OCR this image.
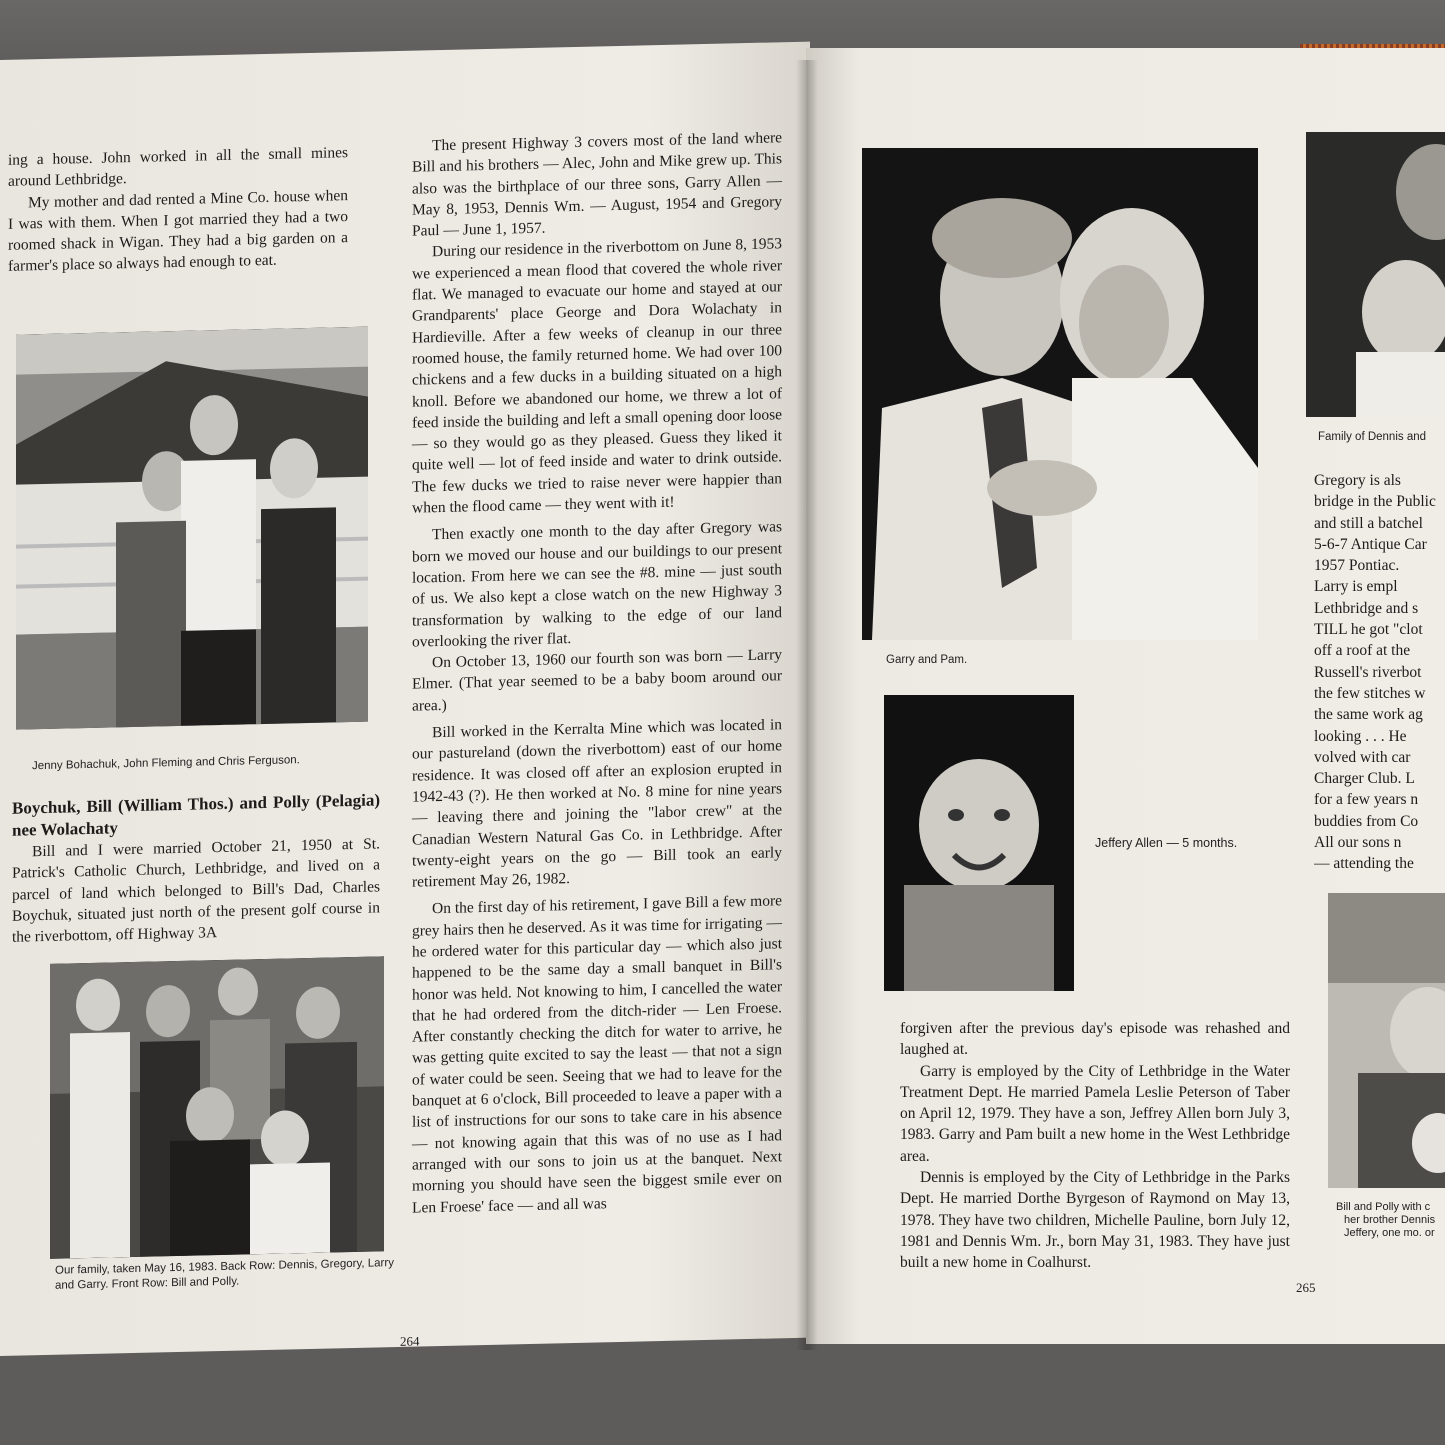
ing a house. John worked in all the small mines around Lethbridge.

My mother and dad rented a Mine Co. house when I was with them. When I got married they had a two roomed shack in Wigan. They had a big garden on a farmer's place so always had enough to eat.

Jenny Bohachuk, John Fleming and Chris Ferguson.

Boychuk, Bill (William Thos.) and Polly (Pelagia) nee Wolachaty

Bill and I were married October 21, 1950 at St. Patrick's Catholic Church, Lethbridge, and lived on a parcel of land which belonged to Bill's Dad, Charles Boychuk, situated just north of the present golf course in the riverbottom, off Highway 3A

Our family, taken May 16, 1983. Back Row: Dennis, Gregory, Larry and Garry. Front Row: Bill and Polly.

The present Highway 3 covers most of the land where Bill and his brothers — Alec, John and Mike grew up. This also was the birthplace of our three sons, Garry Allen — May 8, 1953, Dennis Wm. — August, 1954 and Gregory Paul — June 1, 1957.

During our residence in the riverbottom on June 8, 1953 we experienced a mean flood that covered the whole river flat. We managed to evacuate our home and stayed at our Grandparents' place George and Dora Wolachaty in Hardieville. After a few weeks of cleanup in our three roomed house, the family returned home. We had over 100 chickens and a few ducks in a building situated on a high knoll. Before we abandoned our home, we threw a lot of feed inside the building and left a small opening door loose — so they would go as they pleased. Guess they liked it quite well — lot of feed inside and water to drink outside. The few ducks we tried to raise never were happier than when the flood came — they went with it!

Then exactly one month to the day after Gregory was born we moved our house and our buildings to our present location. From here we can see the #8. mine — just south of us. We also kept a close watch on the new Highway 3 transformation by walking to the edge of our land overlooking the river flat.

On October 13, 1960 our fourth son was born — Larry Elmer. (That year seemed to be a baby boom around our area.)

Bill worked in the Kerralta Mine which was located in our pastureland (down the riverbottom) east of our home residence. It was closed off after an explosion erupted in 1942-43 (?). He then worked at No. 8 mine for nine years — leaving there and joining the "labor crew" at the Canadian Western Natural Gas Co. in Lethbridge. After twenty-eight years on the go — Bill took an early retirement May 26, 1982.

On the first day of his retirement, I gave Bill a few more grey hairs then he deserved. As it was time for irrigating — he ordered water for this particular day — which also just happened to be the same day a small banquet in Bill's honor was held. Not knowing to him, I cancelled the water that he had ordered from the ditch-rider — Len Froese. After constantly checking the ditch for water to arrive, he was getting quite excited to say the least — that not a sign of water could be seen. Seeing that we had to leave for the banquet at 6 o'clock, Bill proceeded to leave a paper with a list of instructions for our sons to take care in his absence — not knowing again that this was of no use as I had arranged with our sons to join us at the banquet. Next morning you should have seen the biggest smile ever on Len Froese' face — and all was

264
Garry and Pam.
Jeffery Allen — 5 months.

forgiven after the previous day's episode was rehashed and laughed at.

Garry is employed by the City of Lethbridge in the Water Treatment Dept. He married Pamela Leslie Peterson of Taber on April 12, 1979. They have a son, Jeffrey Allen born July 3, 1983. Garry and Pam built a new home in the West Lethbridge area.

Dennis is employed by the City of Lethbridge in the Parks Dept. He married Dorthe Byrgeson of Raymond on May 13, 1978. They have two children, Michelle Pauline, born July 12, 1981 and Dennis Wm. Jr., born May 31, 1983. They have just built a new home in Coalhurst.

265
Family of Dennis and
Gregory is als
bridge in the Public
and still a batchel
5-6-7 Antique Car
1957 Pontiac.
Larry is empl
Lethbridge and s
TILL he got "clot
off a roof at the
Russell's riverbot
the few stitches w
the same work ag
looking . . . He
volved with car
Charger Club. L
for a few years n
buddies from Co
All our sons n
— attending the
Bill and Polly with c
her brother Dennis
Jeffery, one mo. or
